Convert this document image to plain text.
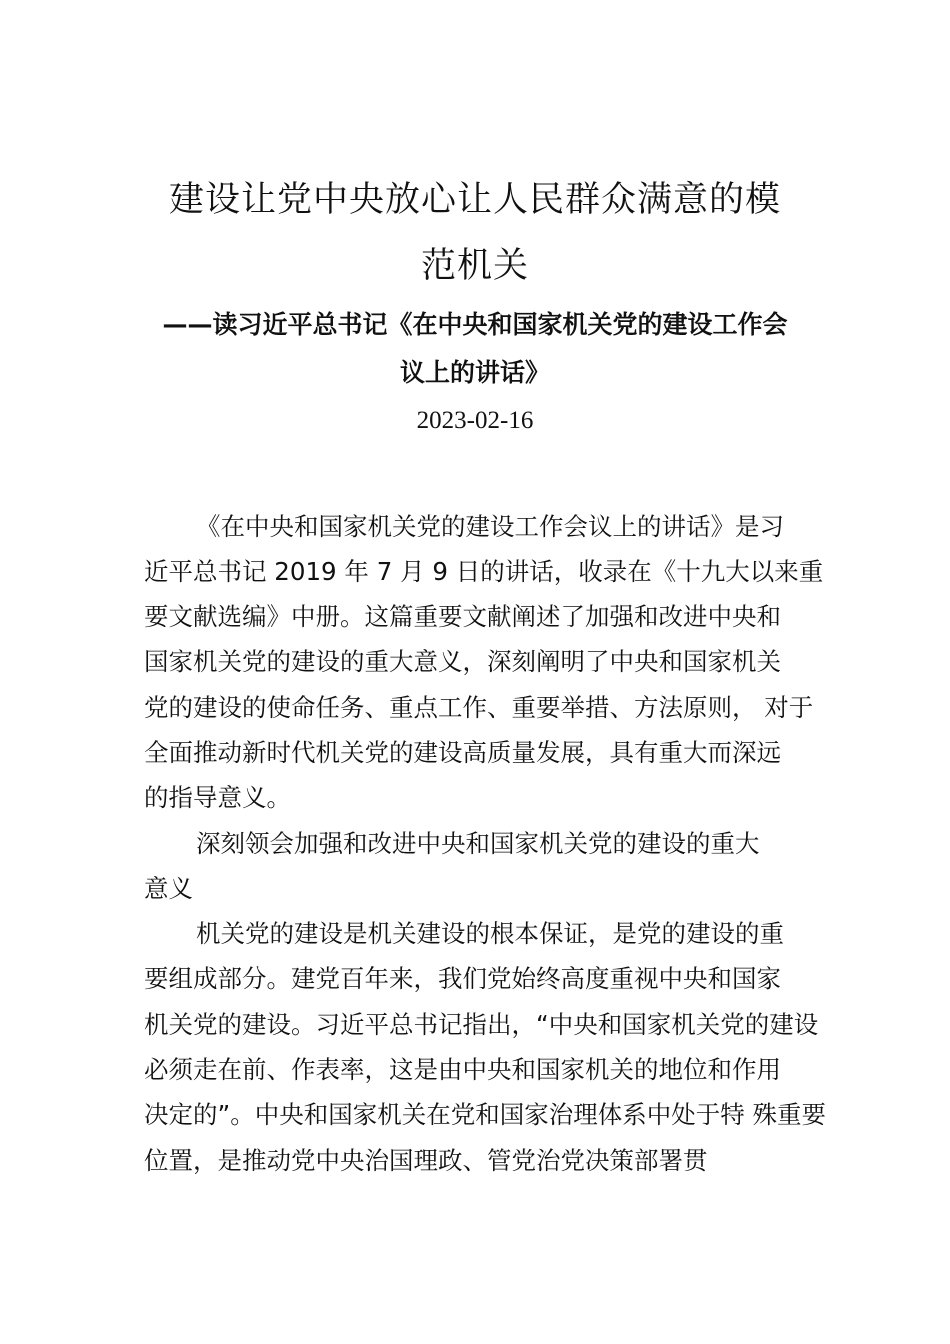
建设让党中央放心让人民群众满意的模
范机关
——读习近平总书记《在中央和国家机关党的建设工作会
议上的讲话》
2023-02-16
《在中央和国家机关党的建设工作会议上的讲话》是习
近平总书记 2019 年 7 月 9 日的讲话，收录在《十九大以来重
要文献选编》中册。这篇重要文献阐述了加强和改进中央和
国家机关党的建设的重大意义，深刻阐明了中央和国家机关
党的建设的使命任务、重点工作、重要举措、方法原则， 对于
全面推动新时代机关党的建设高质量发展，具有重大而深远
的指导意义。
深刻领会加强和改进中央和国家机关党的建设的重大
意义
机关党的建设是机关建设的根本保证，是党的建设的重
要组成部分。建党百年来，我们党始终高度重视中央和国家
机关党的建设。习近平总书记指出，“中央和国家机关党的建设
必须走在前、作表率，这是由中央和国家机关的地位和作用
决定的”。中央和国家机关在党和国家治理体系中处于特 殊重要
位置，是推动党中央治国理政、管党治党决策部署贯
